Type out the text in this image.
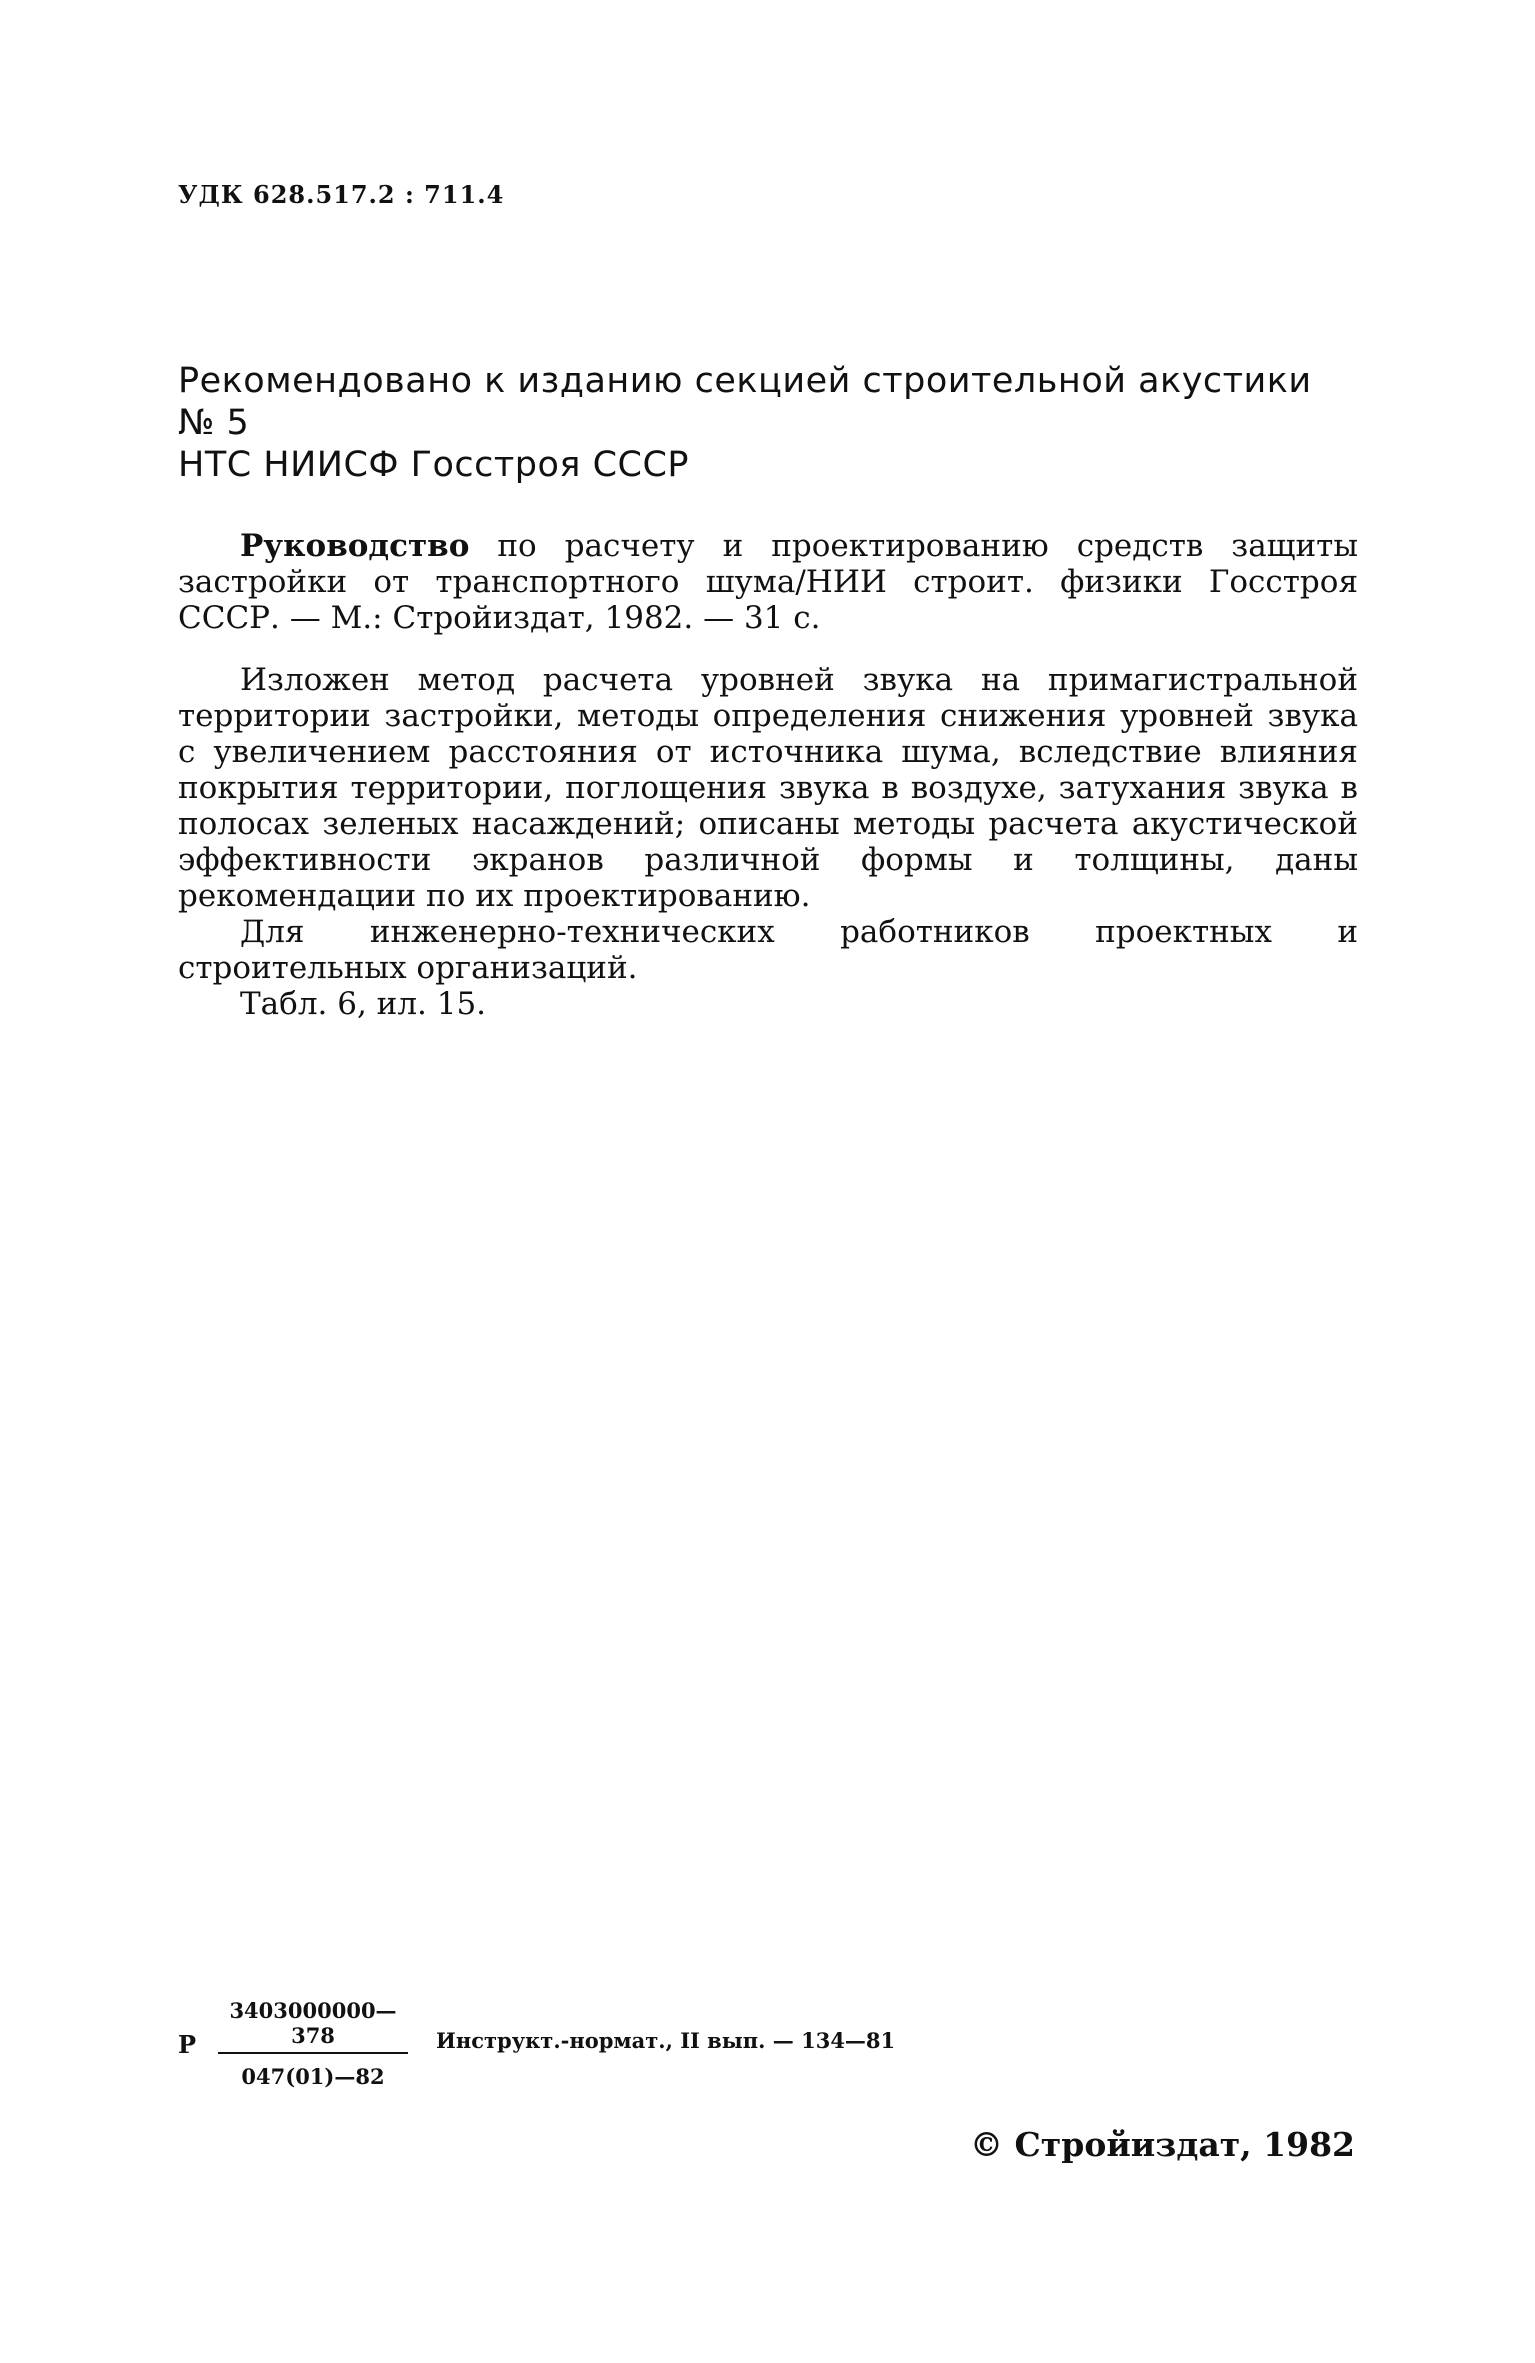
УДК 628.517.2 : 711.4
Рекомендовано к изданию секцией строительной акустики № 5
НТС НИИСФ Госстроя СССР

Руководство по расчету и проектированию средств защиты застройки от транспортного шума/НИИ строит. физики Госстроя СССР. — М.: Стройиздат, 1982. — 31 с.

Изложен метод расчета уровней звука на примагистральной территории застройки, методы определения снижения уровней звука с увеличением расстояния от источника шума, вследствие влияния покрытия территории, поглощения звука в воздухе, затухания звука в полосах зеленых насаждений; описаны методы расчета акустической эффективности экранов различной формы и толщины, даны рекомендации по их проектированию.

Для инженерно-технических работников проектных и строительных организаций.

Табл. 6, ил. 15.

Р $\frac{3403000000—378}{047(01)—82}$ Инструкт.-нормат., II вып. — 134—81
© Стройиздат, 1982
